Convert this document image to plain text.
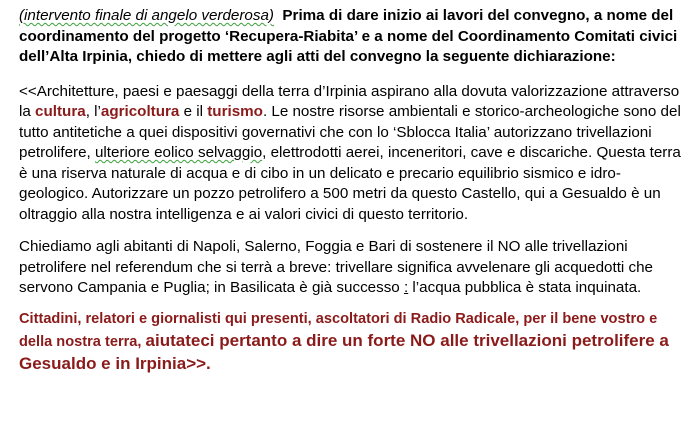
(intervento finale di angelo verderosa) Prima di dare inizio ai lavori del convegno, a nome del coordinamento del progetto ‘Recupera-Riabita’ e a nome del Coordinamento Comitati civici dell’Alta Irpinia, chiedo di mettere agli atti del convegno la seguente dichiarazione:

<<Architetture, paesi e paesaggi della terra d’Irpinia aspirano alla dovuta valorizzazione attraverso la cultura, l’agricoltura e il turismo. Le nostre risorse ambientali e storico-archeologiche sono del tutto antitetiche a quei dispositivi governativi che con lo ‘Sblocca Italia’ autorizzano trivellazioni petrolifere, ulteriore eolico selvaggio, elettrodotti aerei, inceneritori, cave e discariche. Questa terra è una riserva naturale di acqua e di cibo in un delicato e precario equilibrio sismico e idro-geologico. Autorizzare un pozzo petrolifero a 500 metri da questo Castello, qui a Gesualdo è un oltraggio alla nostra intelligenza e ai valori civici di questo territorio.

Chiediamo agli abitanti di Napoli, Salerno, Foggia e Bari di sostenere il NO alle trivellazioni petrolifere nel referendum che si terrà a breve: trivellare significa avvelenare gli acquedotti che servono Campania e Puglia; in Basilicata è già successo : l’acqua pubblica è stata inquinata.

Cittadini, relatori e giornalisti qui presenti, ascoltatori di Radio Radicale, per il bene vostro e della nostra terra, aiutateci pertanto a dire un forte NO alle trivellazioni petrolifere a Gesualdo e in Irpinia>>.
